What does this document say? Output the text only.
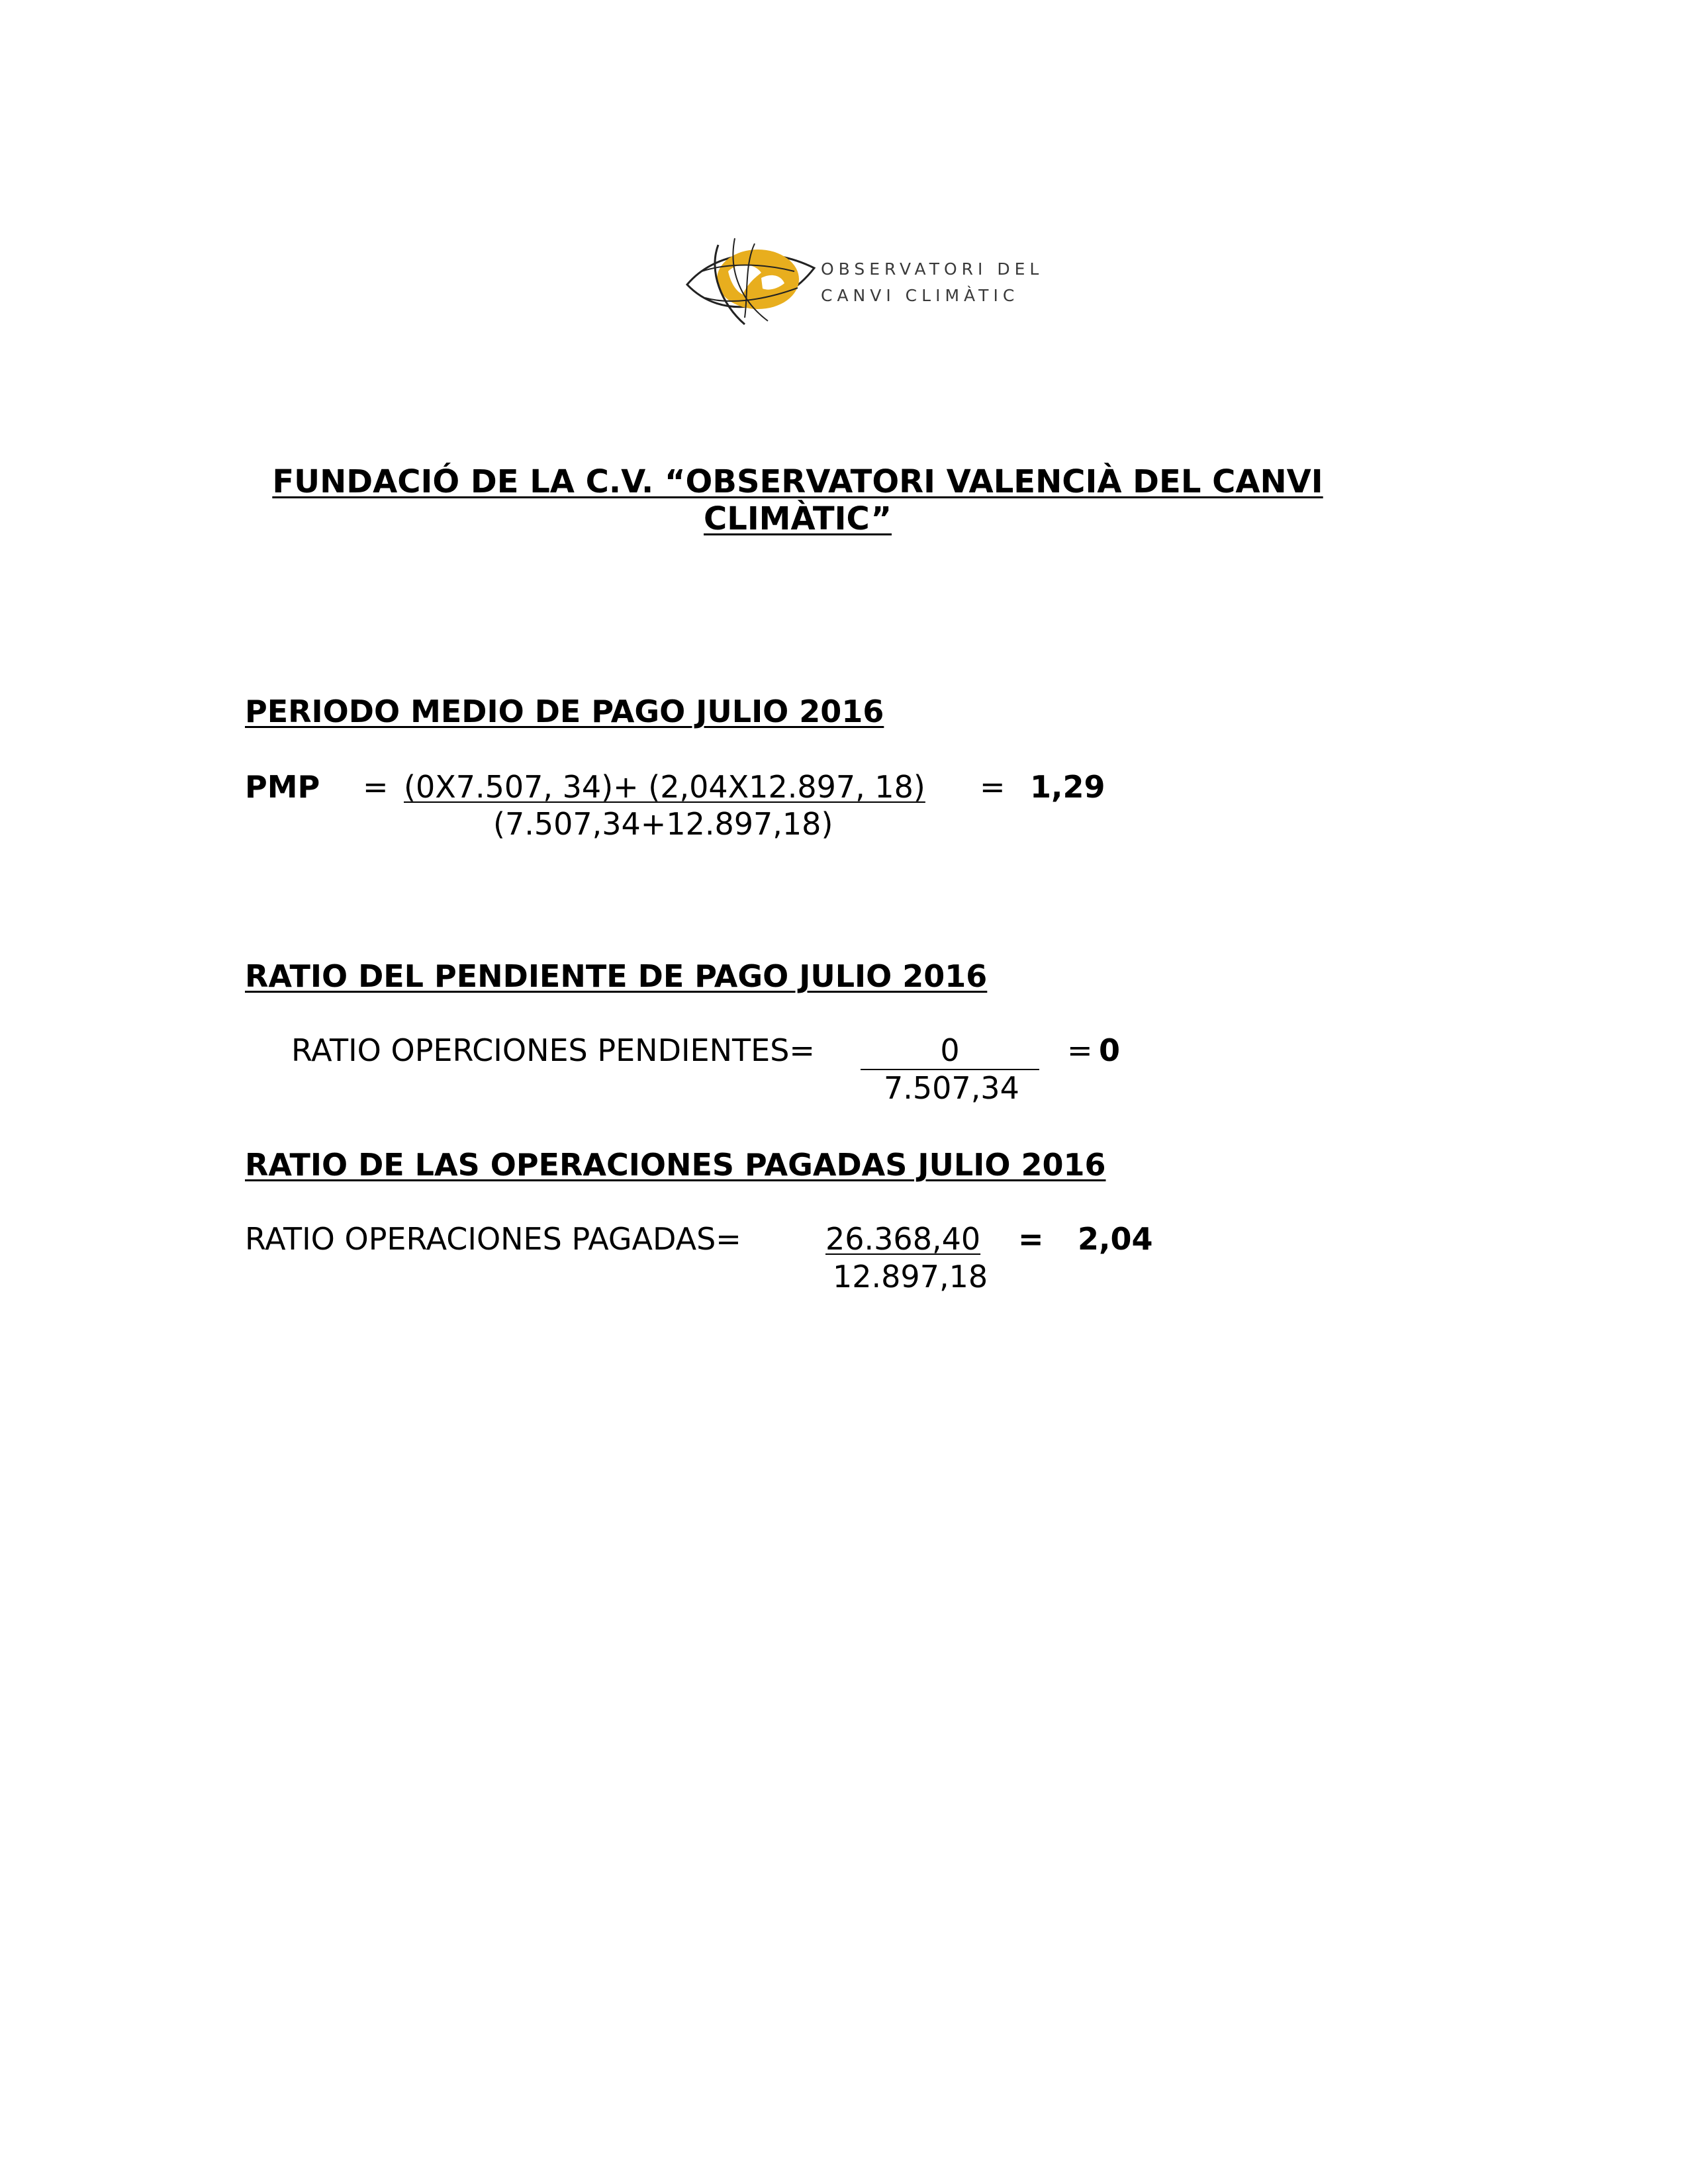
OBSERVATORI DEL
CANVI CLIMÀTIC
FUNDACIÓ DE LA C.V. “OBSERVATORI VALENCIÀ DEL CANVI
CLIMÀTIC”
PERIODO MEDIO DE PAGO JULIO 2016
PMP = (0X7.507, 34)+ (2,04X12.897, 18) = 1,29
(7.507,34+12.897,18)
RATIO DEL PENDIENTE DE PAGO JULIO 2016
RATIO OPERCIONES PENDIENTES=	0	= 0
7.507,34
RATIO DE LAS OPERACIONES PAGADAS JULIO 2016
RATIO OPERACIONES PAGADAS=	26.368,40	= 2,04
12.897,18
